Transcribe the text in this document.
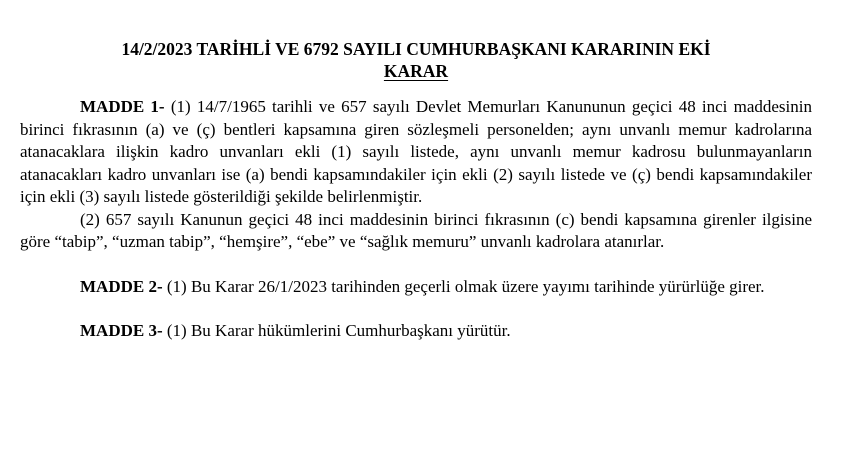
14/2/2023 TARİHLİ VE 6792 SAYILI CUMHURBAŞKANI KARARININ EKİ
KARAR

MADDE 1- (1) 14/7/1965 tarihli ve 657 sayılı Devlet Memurları Kanununun geçici 48 inci maddesinin birinci fıkrasının (a) ve (ç) bentleri kapsamına giren sözleşmeli personelden; aynı unvanlı memur kadrolarına atanacaklara ilişkin kadro unvanları ekli (1) sayılı listede, aynı unvanlı memur kadrosu bulunmayanların atanacakları kadro unvanları ise (a) bendi kapsamındakiler için ekli (2) sayılı listede ve (ç) bendi kapsamındakiler için ekli (3) sayılı listede gösterildiği şekilde belirlenmiştir.

(2) 657 sayılı Kanunun geçici 48 inci maddesinin birinci fıkrasının (c) bendi kapsamına girenler ilgisine göre “tabip”, “uzman tabip”, “hemşire”, “ebe” ve “sağlık memuru” unvanlı kadrolara atanırlar.

MADDE 2- (1) Bu Karar 26/1/2023 tarihinden geçerli olmak üzere yayımı tarihinde yürürlüğe girer.

MADDE 3- (1) Bu Karar hükümlerini Cumhurbaşkanı yürütür.
